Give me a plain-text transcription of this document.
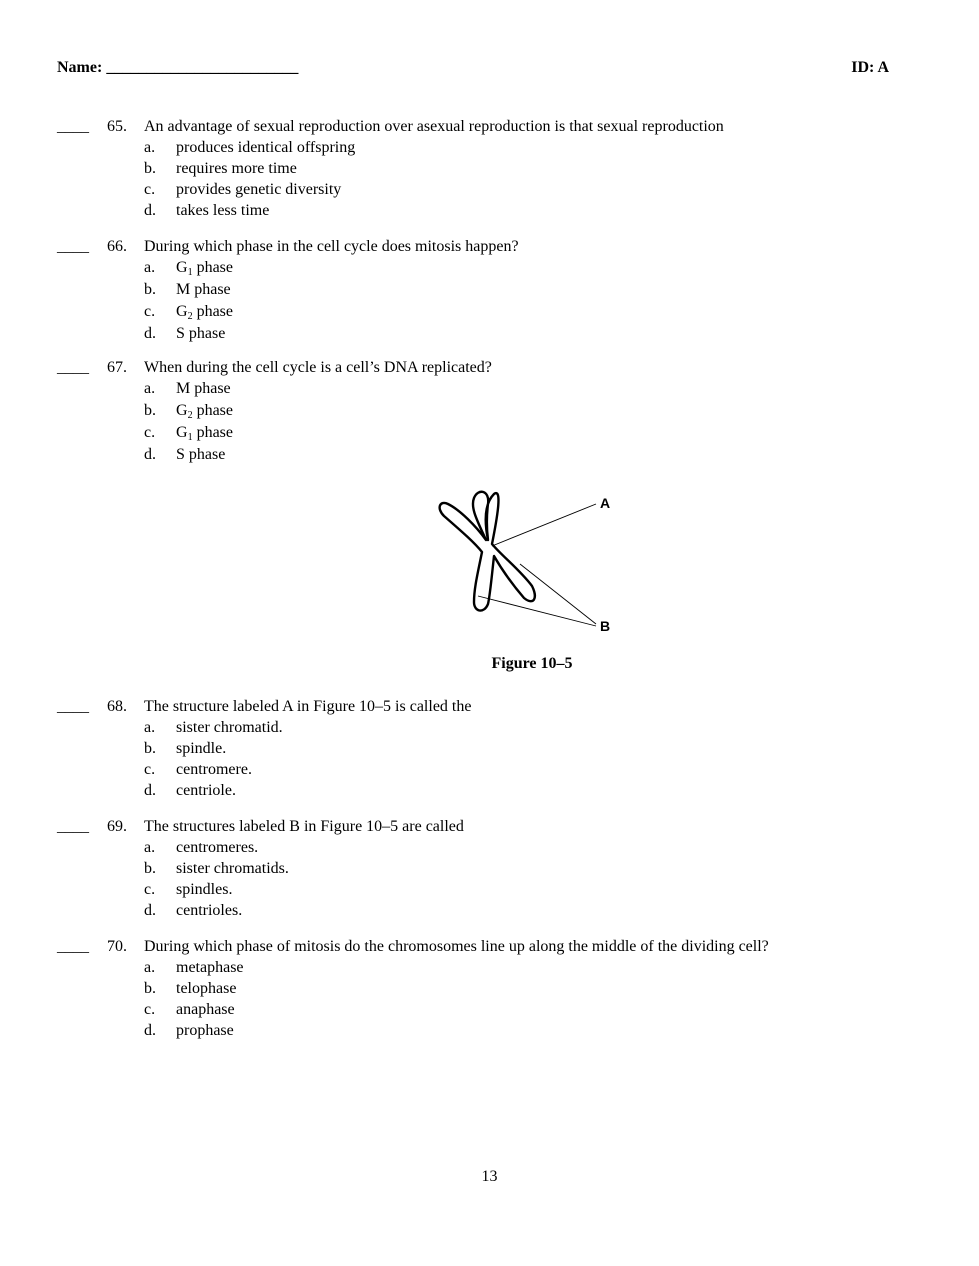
Name: ________________________	ID: A
____ 65. An advantage of sexual reproduction over asexual reproduction is that sexual reproduction
a. produces identical offspring
b. requires more time
c. provides genetic diversity
d. takes less time
____ 66. During which phase in the cell cycle does mitosis happen?
a. $G_1$ phase
b. M phase
c. $G_2$ phase
d. S phase
____ 67. When during the cell cycle is a cell’s DNA replicated?
a. M phase
b. $G_2$ phase
c. $G_1$ phase
d. S phase
A
B
Figure 10–5
____ 68. The structure labeled A in Figure 10–5 is called the
a. sister chromatid.
b. spindle.
c. centromere.
d. centriole.
____ 69. The structures labeled B in Figure 10–5 are called
a. centromeres.
b. sister chromatids.
c. spindles.
d. centrioles.
____ 70. During which phase of mitosis do the chromosomes line up along the middle of the dividing cell?
a. metaphase
b. telophase
c. anaphase
d. prophase
13
